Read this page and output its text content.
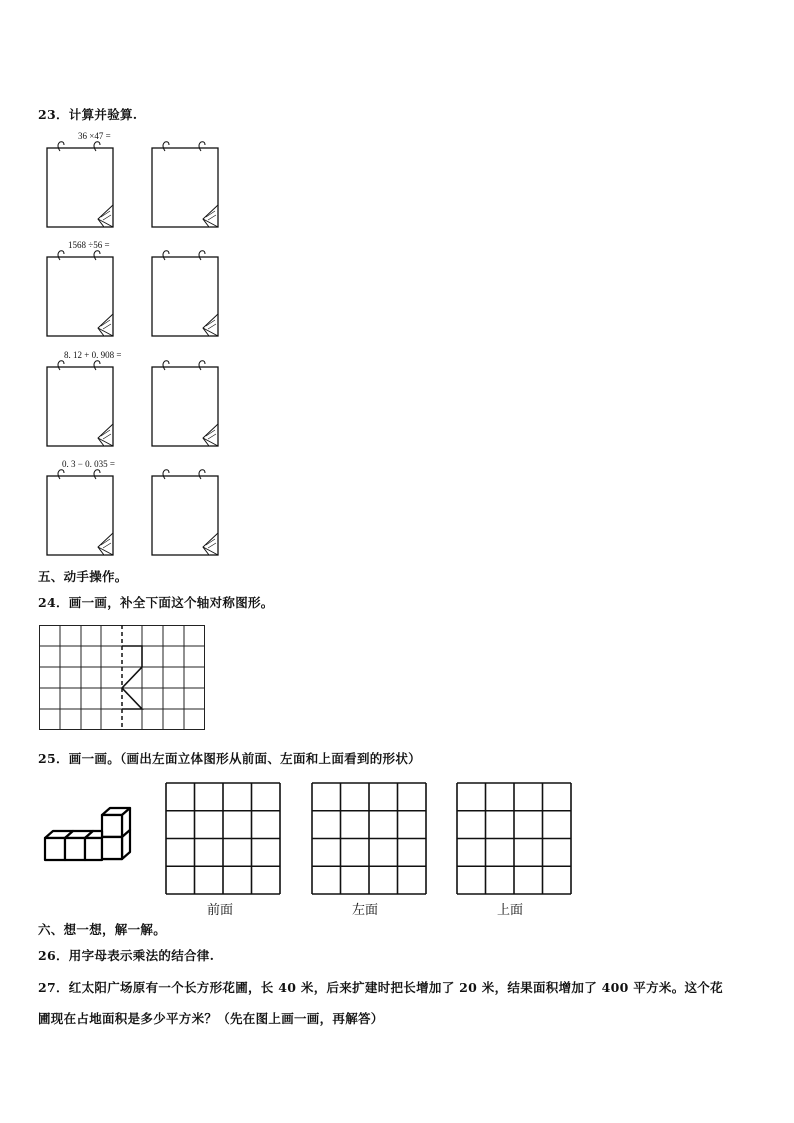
23．计算并验算.
36 ×47 =
1568 ÷56 =
8. 12 + 0. 908 =
0. 3 − 0. 035 =
五、动手操作。
24．画一画，补全下面这个轴对称图形。
25．画一画。（画出左面立体图形从前面、左面和上面看到的形状）
前面	左面	上面
六、想一想，解一解。
26．用字母表示乘法的结合律.
27．红太阳广场原有一个长方形花圃，长 40 米，后来扩建时把长增加了 20 米，结果面积增加了 400 平方米。这个花
圃现在占地面积是多少平方米？（先在图上画一画，再解答）
